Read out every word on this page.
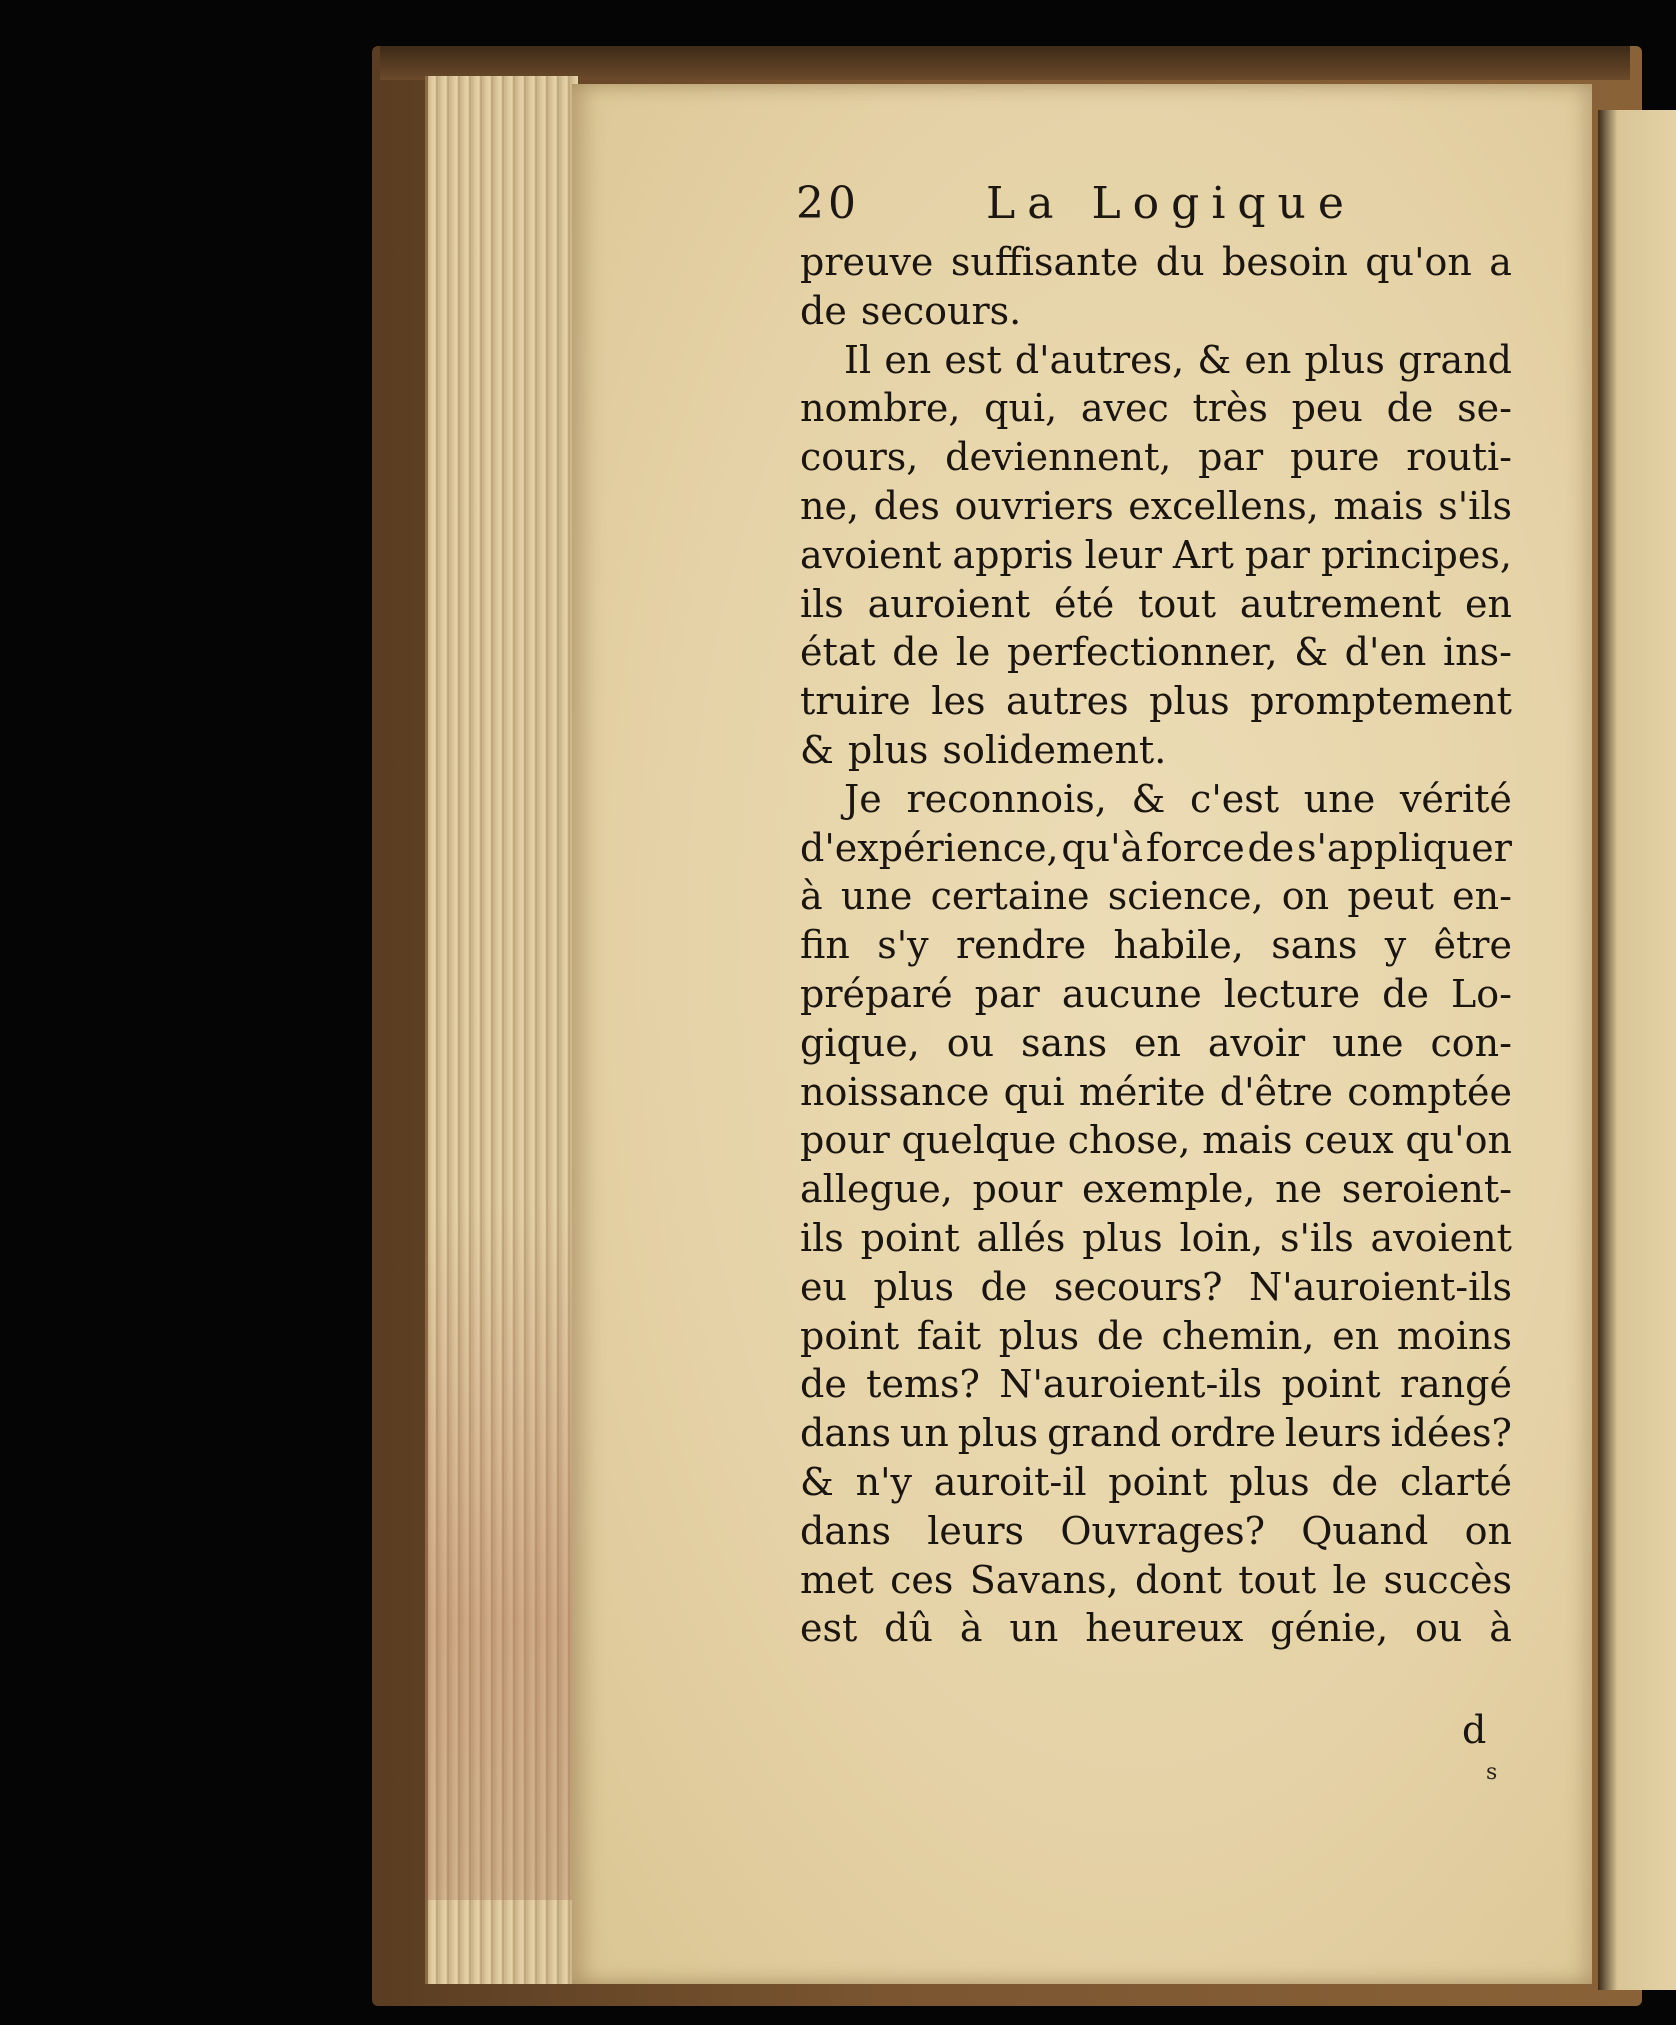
20	La Logique
preuve suffisante du besoin qu'on a
de secours.
Il en est d'autres, & en plus grand
nombre, qui, avec très peu de se-
cours, deviennent, par pure routi-
ne, des ouvriers excellens, mais s'ils
avoient appris leur Art par principes,
ils auroient été tout autrement en
état de le perfectionner, & d'en ins-
truire les autres plus promptement
& plus solidement.
Je reconnois, & c'est une vérité
d'expérience, qu'à force de s'appliquer
à une certaine science, on peut en-
fin s'y rendre habile, sans y être
préparé par aucune lecture de Lo-
gique, ou sans en avoir une con-
noissance qui mérite d'être comptée
pour quelque chose, mais ceux qu'on
allegue, pour exemple, ne seroient-
ils point allés plus loin, s'ils avoient
eu plus de secours? N'auroient-ils
point fait plus de chemin, en moins
de tems? N'auroient-ils point rangé
dans un plus grand ordre leurs idées?
& n'y auroit-il point plus de clarté
dans leurs Ouvrages? Quand on
met ces Savans, dont tout le succès
est dû à un heureux génie, ou à
d
s
